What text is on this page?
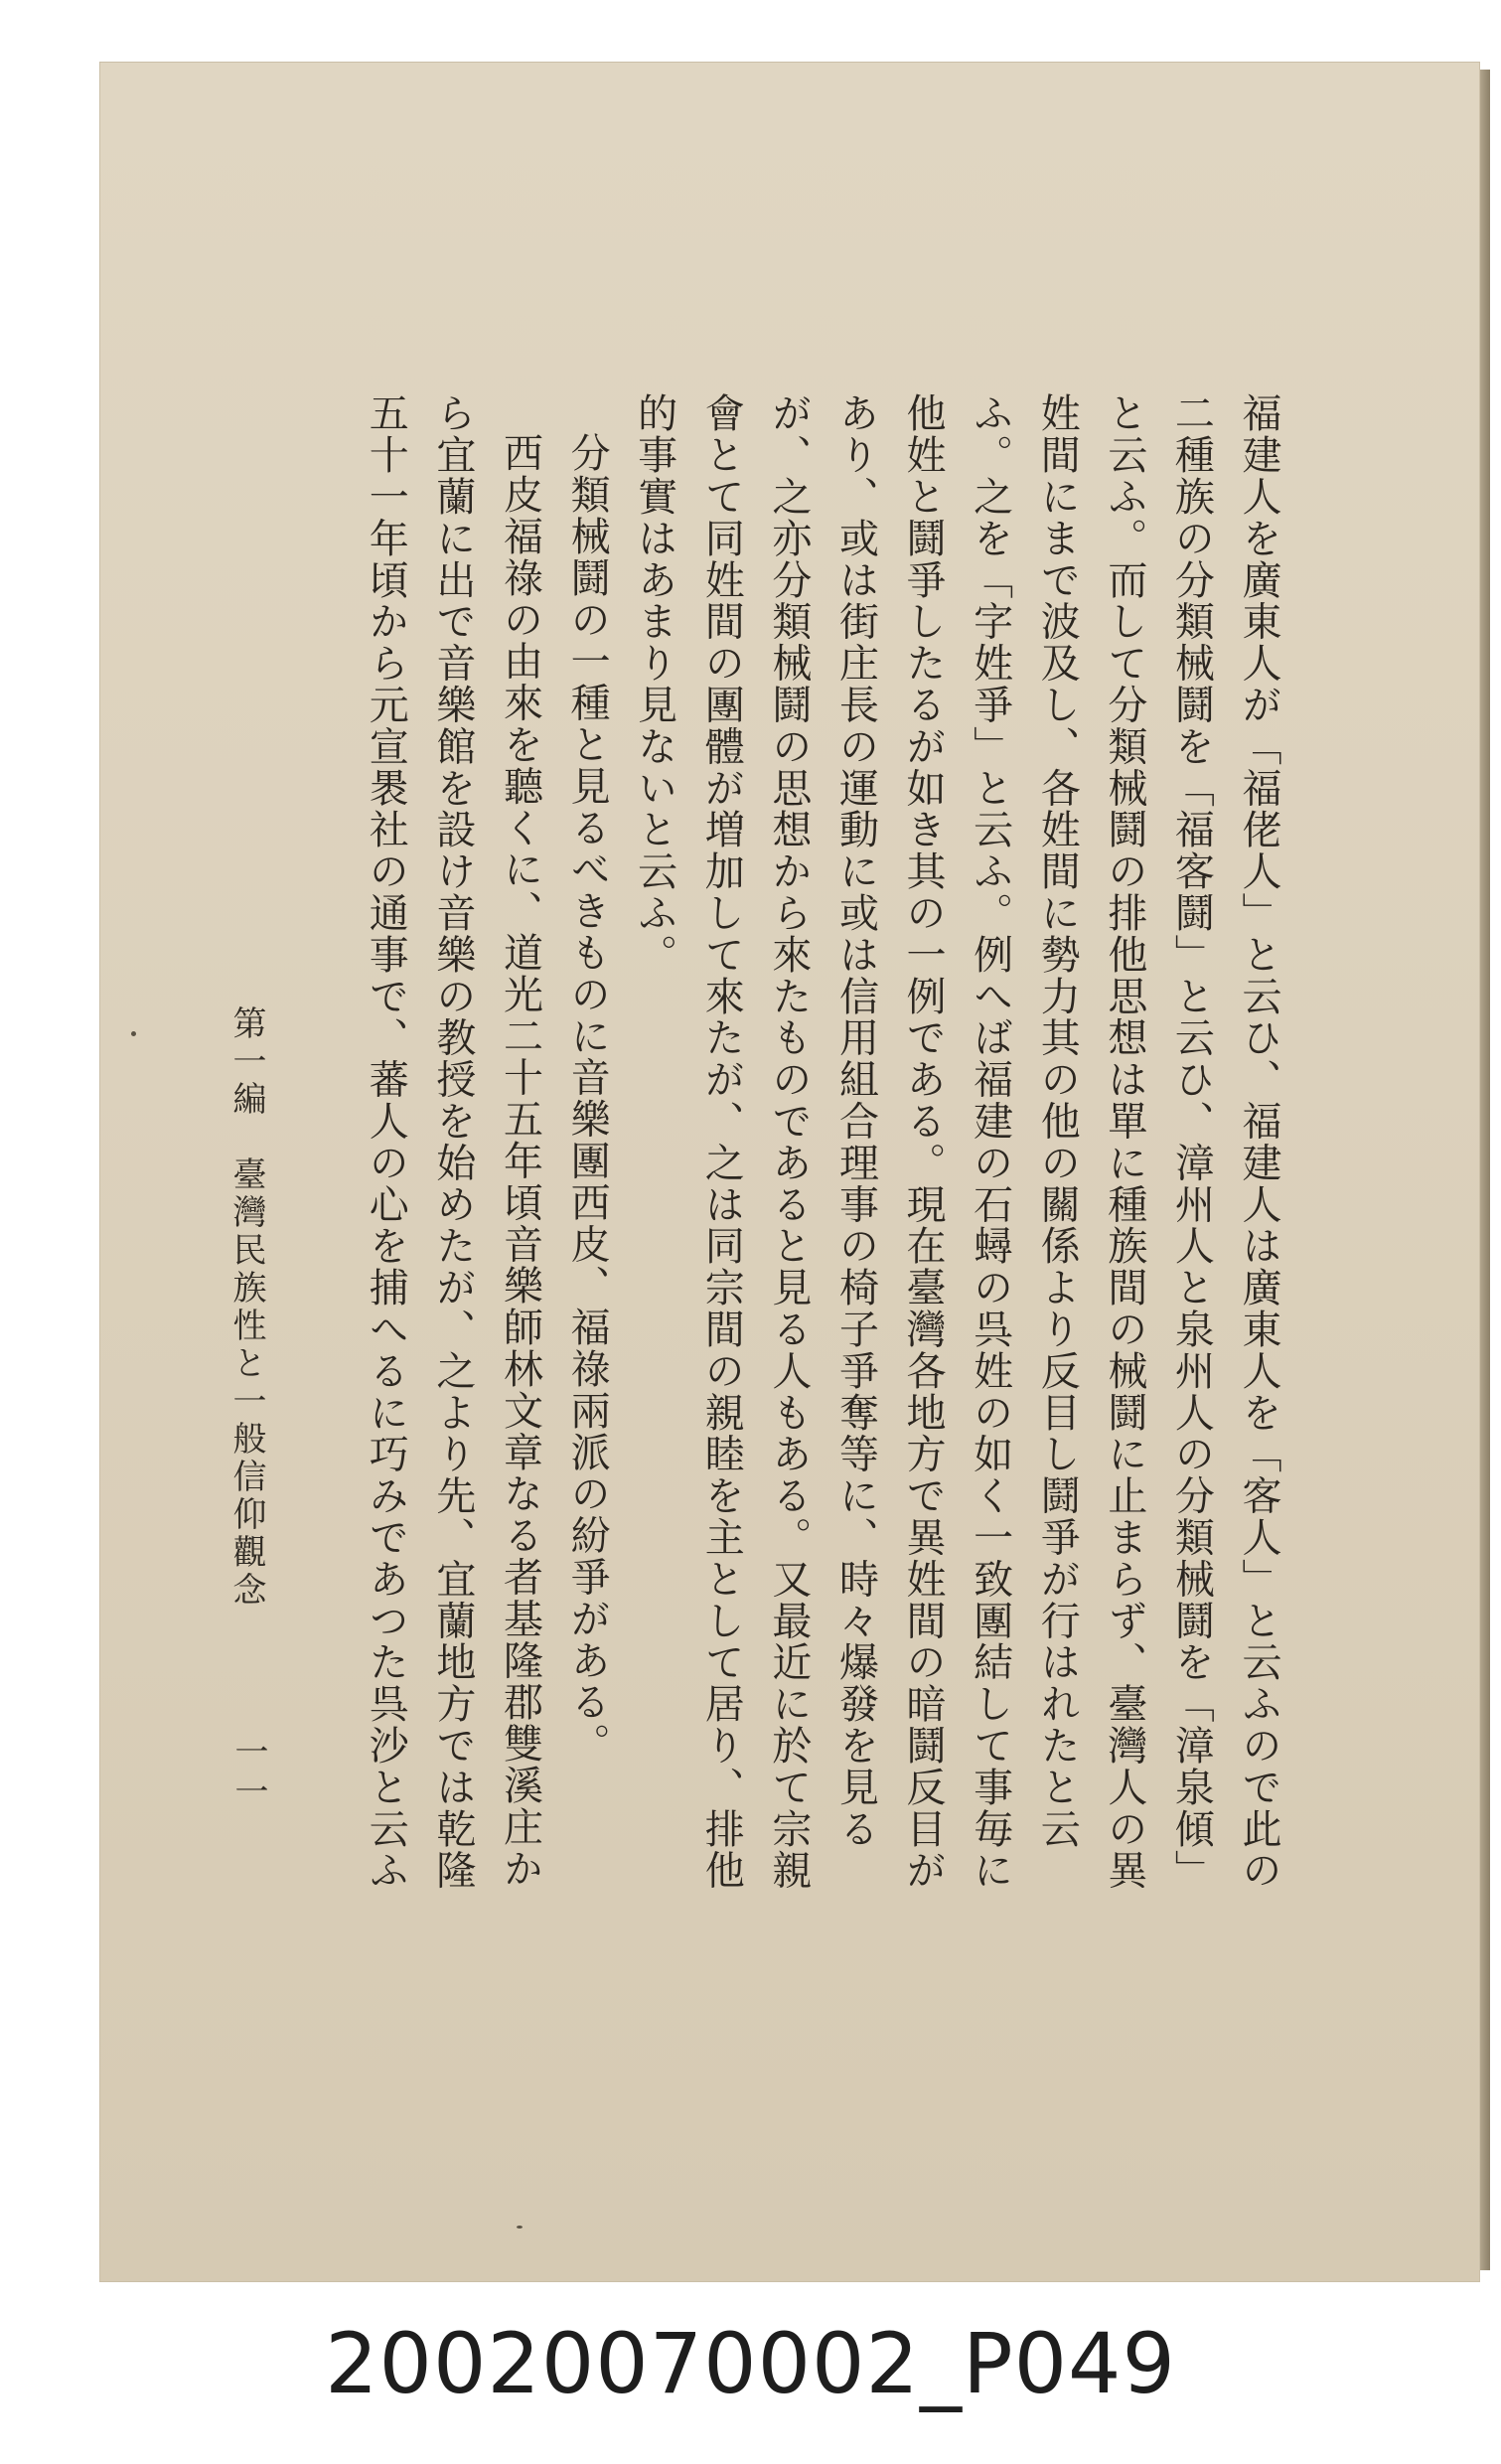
福建人を廣東人が「福佬人」と云ひ、福建人は廣東人を「客人」と云ふので此の二種族の分類械鬪を「福客鬪」と云ひ、漳州人と泉州人の分類械鬪を「漳泉傾」と云ふ。而して分類械鬪の排他思想は單に種族間の械鬪に止まらず、臺灣人の異姓間にまで波及し、各姓間に勢力其の他の關係より反目し鬪爭が行はれたと云ふ。之を「字姓爭」と云ふ。例へば福建の石蟳の呉姓の如く一致團結して事毎に他姓と鬪爭したるが如き其の一例である。現在臺灣各地方で異姓間の暗鬪反目があり、或は街庄長の運動に或は信用組合理事の椅子爭奪等に、時々爆發を見るが、之亦分類械鬪の思想から來たものであると見る人もある。又最近に於て宗親會とて同姓間の團體が増加して來たが、之は同宗間の親睦を主として居り、排他的事實はあまり見ないと云ふ。

分類械鬪の一種と見るべきものに音樂團西皮、福祿兩派の紛爭がある。

西皮福祿の由來を聽くに、道光二十五年頃音樂師林文章なる者基隆郡雙溪庄から宜蘭に出で音樂館を設け音樂の教授を始めたが、之より先、宜蘭地方では乾隆五十一年頃から元宣褁社の通事で、蕃人の心を捕へるに巧みであつた呉沙と云ふ

第一編　臺灣民族性と一般信仰觀念
一一
20020070002_P049
